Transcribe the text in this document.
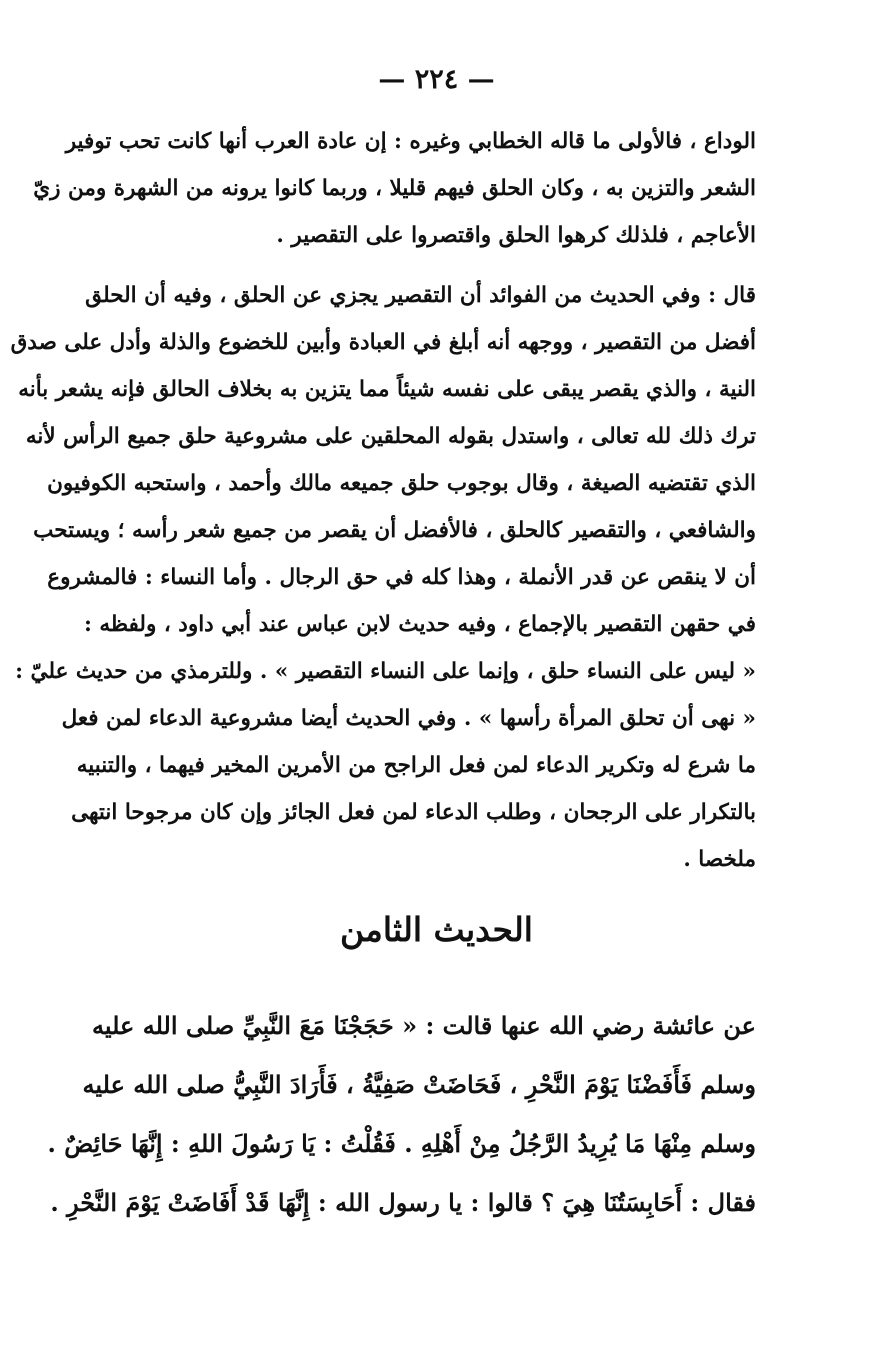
— ٢٢٤ —
الوداع ، فالأولى ما قاله الخطابي وغيره : إن عادة العرب أنها كانت تحب توفير
الشعر والتزين به ، وكان الحلق فيهم قليلا ، وربما كانوا يرونه من الشهرة ومن زيّ
الأعاجم ، فلذلك كرهوا الحلق واقتصروا على التقصير .
قال : وفي الحديث من الفوائد أن التقصير يجزي عن الحلق ، وفيه أن الحلق
أفضل من التقصير ، ووجهه أنه أبلغ في العبادة وأبين للخضوع والذلة وأدل على صدق
النية ، والذي يقصر يبقى على نفسه شيئاً مما يتزين به بخلاف الحالق فإنه يشعر بأنه
ترك ذلك لله تعالى ، واستدل بقوله المحلقين على مشروعية حلق جميع الرأس لأنه
الذي تقتضيه الصيغة ، وقال بوجوب حلق جميعه مالك وأحمد ، واستحبه الكوفيون
والشافعي ، والتقصير كالحلق ، فالأفضل أن يقصر من جميع شعر رأسه ؛ ويستحب
أن لا ينقص عن قدر الأنملة ، وهذا كله في حق الرجال . وأما النساء : فالمشروع
في حقهن التقصير بالإجماع ، وفيه حديث لابن عباس عند أبي داود ، ولفظه :
« ليس على النساء حلق ، وإنما على النساء التقصير » . وللترمذي من حديث عليّ :
« نهى أن تحلق المرأة رأسها » . وفي الحديث أيضا مشروعية الدعاء لمن فعل
ما شرع له وتكرير الدعاء لمن فعل الراجح من الأمرين المخير فيهما ، والتنبيه
بالتكرار على الرجحان ، وطلب الدعاء لمن فعل الجائز وإن كان مرجوحا انتهى
ملخصا .
الحديث الثامن
عن عائشة رضي الله عنها قالت : « حَجَجْنَا مَعَ النَّبِيِّ صلى الله عليه
وسلم فَأَفَضْنَا يَوْمَ النَّحْرِ ، فَحَاضَتْ صَفِيَّةُ ، فَأَرَادَ النَّبِيُّ صلى الله عليه
وسلم مِنْهَا مَا يُرِيدُ الرَّجُلُ مِنْ أَهْلِهِ . فَقُلْتُ : يَا رَسُولَ اللهِ : إِنَّهَا حَائِضٌ .
فقال : أَحَابِسَتُنَا هِيَ ؟ قالوا : يا رسول الله : إِنَّهَا قَدْ أَفَاضَتْ يَوْمَ النَّحْرِ .
